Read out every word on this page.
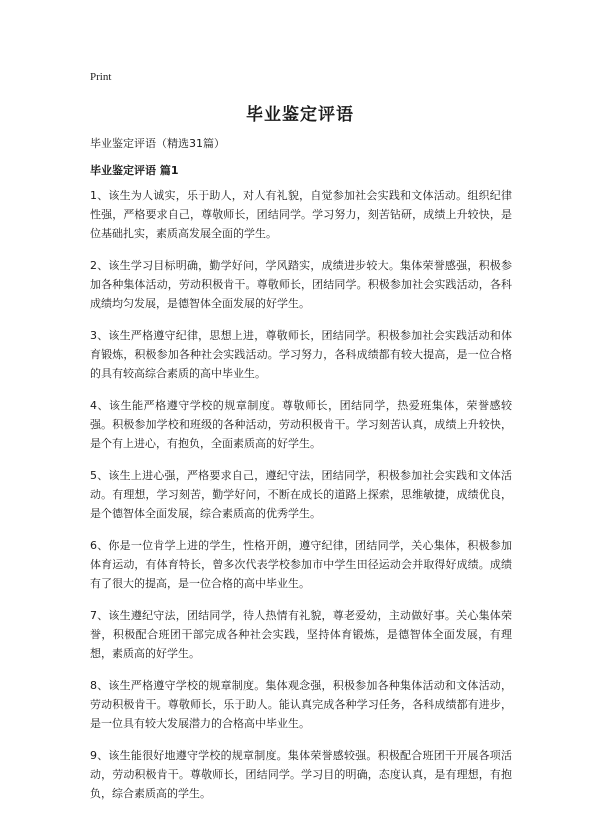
Print
毕业鉴定评语
毕业鉴定评语（精选31篇）
毕业鉴定评语 篇1

1、该生为人诚实，乐于助人，对人有礼貌，自觉参加社会实践和文体活动。组织纪律性强，严格要求自己，尊敬师长，团结同学。学习努力，刻苦钻研，成绩上升较快，是位基础扎实，素质高发展全面的学生。

2、该生学习目标明确，勤学好问，学风踏实，成绩进步较大。集体荣誉感强，积极参加各种集体活动，劳动积极肯干。尊敬师长，团结同学。积极参加社会实践活动，各科成绩均匀发展，是德智体全面发展的好学生。

3、该生严格遵守纪律，思想上进，尊敬师长，团结同学。积极参加社会实践活动和体育锻炼，积极参加各种社会实践活动。学习努力，各科成绩都有较大提高，是一位合格的具有较高综合素质的高中毕业生。

4、该生能严格遵守学校的规章制度。尊敬师长，团结同学，热爱班集体，荣誉感较强。积极参加学校和班级的各种活动，劳动积极肯干。学习刻苦认真，成绩上升较快，是个有上进心，有抱负，全面素质高的好学生。

5、该生上进心强，严格要求自己，遵纪守法，团结同学，积极参加社会实践和文体活动。有理想，学习刻苦，勤学好问，不断在成长的道路上探索，思维敏捷，成绩优良，是个德智体全面发展，综合素质高的优秀学生。

6、你是一位肯学上进的学生，性格开朗，遵守纪律，团结同学，关心集体，积极参加体育运动，有体育特长，曾多次代表学校参加市中学生田径运动会并取得好成绩。成绩有了很大的提高，是一位合格的高中毕业生。

7、该生遵纪守法，团结同学，待人热情有礼貌，尊老爱幼，主动做好事。关心集体荣誉，积极配合班团干部完成各种社会实践，坚持体育锻炼，是德智体全面发展，有理想，素质高的好学生。

8、该生严格遵守学校的规章制度。集体观念强，积极参加各种集体活动和文体活动，劳动积极肯干。尊敬师长，乐于助人。能认真完成各种学习任务，各科成绩都有进步，是一位具有较大发展潜力的合格高中毕业生。

9、该生能很好地遵守学校的规章制度。集体荣誉感较强。积极配合班团干开展各项活动，劳动积极肯干。尊敬师长，团结同学。学习目的明确，态度认真，是有理想，有抱负，综合素质高的学生。
